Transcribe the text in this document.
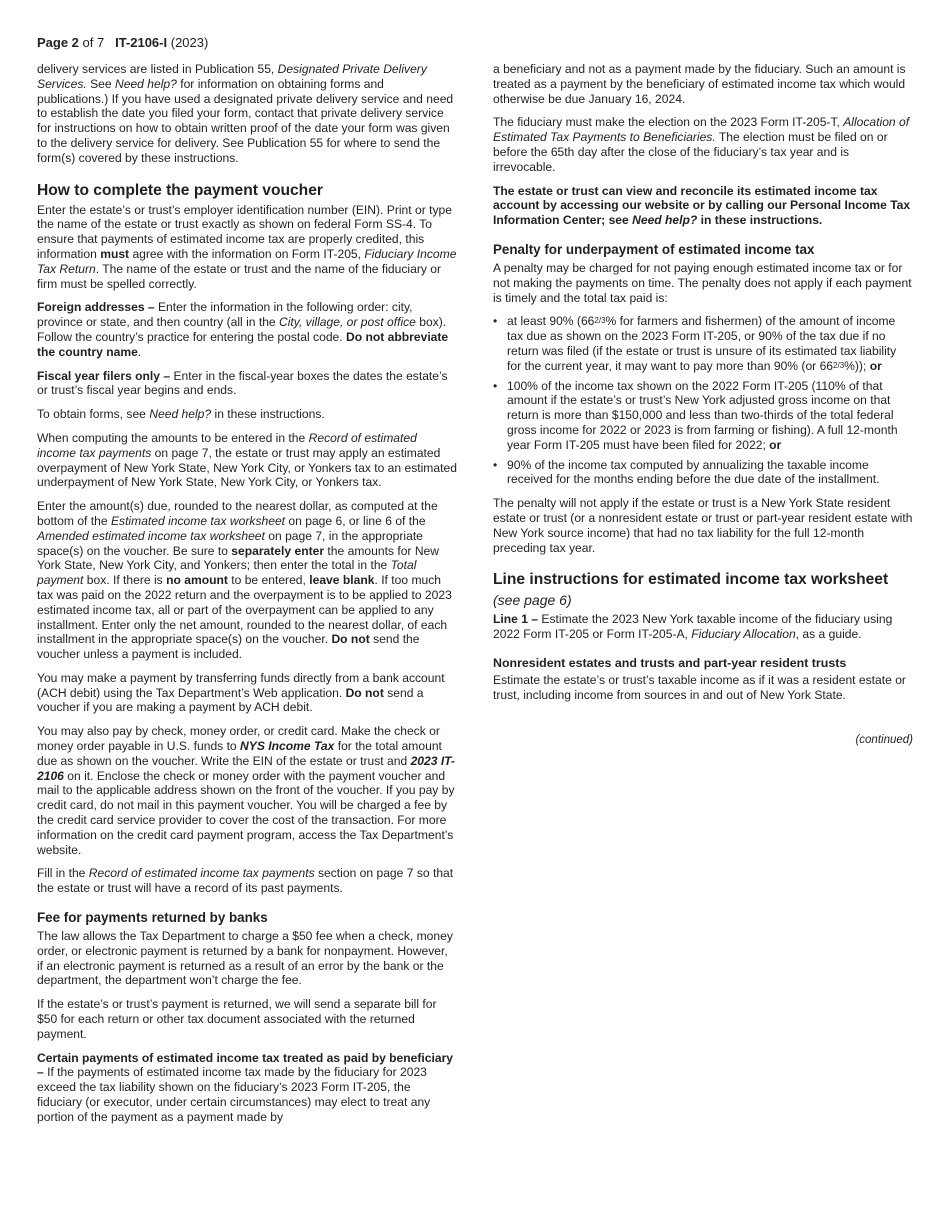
Page 2 of 7 IT-2106-I (2023)

delivery services are listed in Publication 55, Designated Private Delivery Services. See Need help? for information on obtaining forms and publications.) If you have used a designated private delivery service and need to establish the date you filed your form, contact that private delivery service for instructions on how to obtain written proof of the date your form was given to the delivery service for delivery. See Publication 55 for where to send the form(s) covered by these instructions.

How to complete the payment voucher

Enter the estate’s or trust’s employer identification number (EIN). Print or type the name of the estate or trust exactly as shown on federal Form SS-4. To ensure that payments of estimated income tax are properly credited, this information must agree with the information on Form IT-205, Fiduciary Income Tax Return. The name of the estate or trust and the name of the fiduciary or firm must be spelled correctly.

Foreign addresses – Enter the information in the following order: city, province or state, and then country (all in the City, village, or post office box). Follow the country’s practice for entering the postal code. Do not abbreviate the country name.

Fiscal year filers only – Enter in the fiscal-year boxes the dates the estate’s or trust’s fiscal year begins and ends.

To obtain forms, see Need help? in these instructions.

When computing the amounts to be entered in the Record of estimated income tax payments on page 7, the estate or trust may apply an estimated overpayment of New York State, New York City, or Yonkers tax to an estimated underpayment of New York State, New York City, or Yonkers tax.

Enter the amount(s) due, rounded to the nearest dollar, as computed at the bottom of the Estimated income tax worksheet on page 6, or line 6 of the Amended estimated income tax worksheet on page 7, in the appropriate space(s) on the voucher. Be sure to separately enter the amounts for New York State, New York City, and Yonkers; then enter the total in the Total payment box. If there is no amount to be entered, leave blank. If too much tax was paid on the 2022 return and the overpayment is to be applied to 2023 estimated income tax, all or part of the overpayment can be applied to any installment. Enter only the net amount, rounded to the nearest dollar, of each installment in the appropriate space(s) on the voucher. Do not send the voucher unless a payment is included.

You may make a payment by transferring funds directly from a bank account (ACH debit) using the Tax Department’s Web application. Do not send a voucher if you are making a payment by ACH debit.

You may also pay by check, money order, or credit card. Make the check or money order payable in U.S. funds to NYS Income Tax for the total amount due as shown on the voucher. Write the EIN of the estate or trust and 2023 IT-2106 on it. Enclose the check or money order with the payment voucher and mail to the applicable address shown on the front of the voucher. If you pay by credit card, do not mail in this payment voucher. You will be charged a fee by the credit card service provider to cover the cost of the transaction. For more information on the credit card payment program, access the Tax Department’s website.

Fill in the Record of estimated income tax payments section on page 7 so that the estate or trust will have a record of its past payments.

Fee for payments returned by banks

The law allows the Tax Department to charge a $50 fee when a check, money order, or electronic payment is returned by a bank for nonpayment. However, if an electronic payment is returned as a result of an error by the bank or the department, the department won’t charge the fee.

If the estate’s or trust’s payment is returned, we will send a separate bill for $50 for each return or other tax document associated with the returned payment.

Certain payments of estimated income tax treated as paid by beneficiary – If the payments of estimated income tax made by the fiduciary for 2023 exceed the tax liability shown on the fiduciary’s 2023 Form IT-205, the fiduciary (or executor, under certain circumstances) may elect to treat any portion of the payment as a payment made by

a beneficiary and not as a payment made by the fiduciary. Such an amount is treated as a payment by the beneficiary of estimated income tax which would otherwise be due January 16, 2024.

The fiduciary must make the election on the 2023 Form IT-205-T, Allocation of Estimated Tax Payments to Beneficiaries. The election must be filed on or before the 65th day after the close of the fiduciary’s tax year and is irrevocable.

The estate or trust can view and reconcile its estimated income tax account by accessing our website or by calling our Personal Income Tax Information Center; see Need help? in these instructions.

Penalty for underpayment of estimated income tax

A penalty may be charged for not paying enough estimated income tax or for not making the payments on time. The penalty does not apply if each payment is timely and the total tax paid is:

• at least 90% (662/3% for farmers and fishermen) of the amount of income tax due as shown on the 2023 Form IT-205, or 90% of the tax due if no return was filed (if the estate or trust is unsure of its estimated tax liability for the current year, it may want to pay more than 90% (or 662/3%)); or
• 100% of the income tax shown on the 2022 Form IT-205 (110% of that amount if the estate’s or trust’s New York adjusted gross income on that return is more than $150,000 and less than two-thirds of the total federal gross income for 2022 or 2023 is from farming or fishing). A full 12-month year Form IT-205 must have been filed for 2022; or
• 90% of the income tax computed by annualizing the taxable income received for the months ending before the due date of the installment.

The penalty will not apply if the estate or trust is a New York State resident estate or trust (or a nonresident estate or trust or part-year resident estate with New York source income) that had no tax liability for the full 12-month preceding tax year.

Line instructions for estimated income tax worksheet
(see page 6)

Line 1 – Estimate the 2023 New York taxable income of the fiduciary using 2022 Form IT-205 or Form IT-205-A, Fiduciary Allocation, as a guide.

Nonresident estates and trusts and part-year resident trusts

Estimate the estate’s or trust’s taxable income as if it was a resident estate or trust, including income from sources in and out of New York State.

(continued)
